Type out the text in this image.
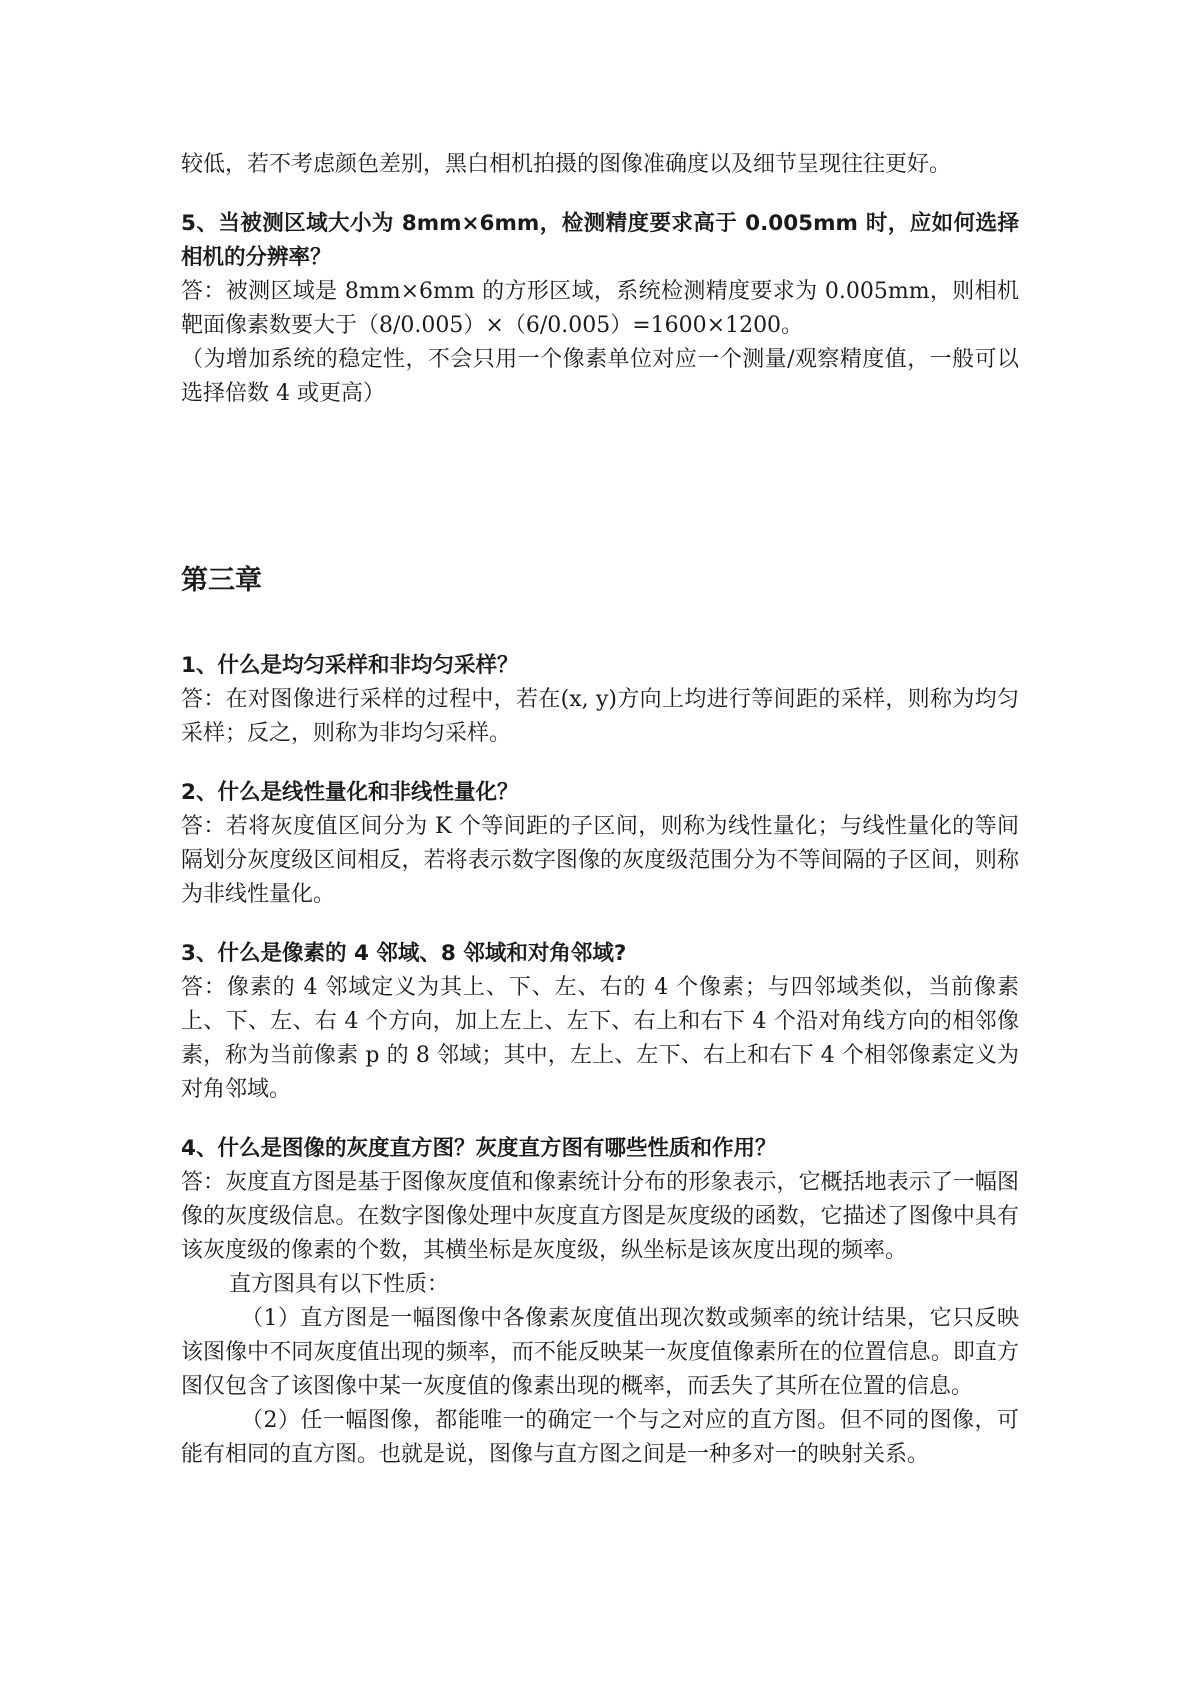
较低，若不考虑颜色差别，黑白相机拍摄的图像准确度以及细节呈现往往更好。

5、当被测区域大小为 8mm×6mm，检测精度要求高于 0.005mm 时，应如何选择相机的分辨率？

答：被测区域是 8mm×6mm 的方形区域，系统检测精度要求为 0.005mm，则相机靶面像素数要大于（8/0.005）×（6/0.005）=1600×1200。

（为增加系统的稳定性，不会只用一个像素单位对应一个测量/观察精度值，一般可以选择倍数 4 或更高）

第三章

1、什么是均匀采样和非均匀采样？

答：在对图像进行采样的过程中，若在(x, y)方向上均进行等间距的采样，则称为均匀采样；反之，则称为非均匀采样。

2、什么是线性量化和非线性量化？

答：若将灰度值区间分为 K 个等间距的子区间，则称为线性量化；与线性量化的等间隔划分灰度级区间相反，若将表示数字图像的灰度级范围分为不等间隔的子区间，则称为非线性量化。

3、什么是像素的 4 邻域、8 邻域和对角邻域?

答：像素的 4 邻域定义为其上、下、左、右的 4 个像素；与四邻域类似，当前像素上、下、左、右 4 个方向，加上左上、左下、右上和右下 4 个沿对角线方向的相邻像素，称为当前像素 p 的 8 邻域；其中，左上、左下、右上和右下 4 个相邻像素定义为对角邻域。

4、什么是图像的灰度直方图？灰度直方图有哪些性质和作用？

答：灰度直方图是基于图像灰度值和像素统计分布的形象表示，它概括地表示了一幅图像的灰度级信息。在数字图像处理中灰度直方图是灰度级的函数，它描述了图像中具有该灰度级的像素的个数，其横坐标是灰度级，纵坐标是该灰度出现的频率。

直方图具有以下性质：

（1）直方图是一幅图像中各像素灰度值出现次数或频率的统计结果，它只反映该图像中不同灰度值出现的频率，而不能反映某一灰度值像素所在的位置信息。即直方图仅包含了该图像中某一灰度值的像素出现的概率，而丢失了其所在位置的信息。

（2）任一幅图像，都能唯一的确定一个与之对应的直方图。但不同的图像，可能有相同的直方图。也就是说，图像与直方图之间是一种多对一的映射关系。
